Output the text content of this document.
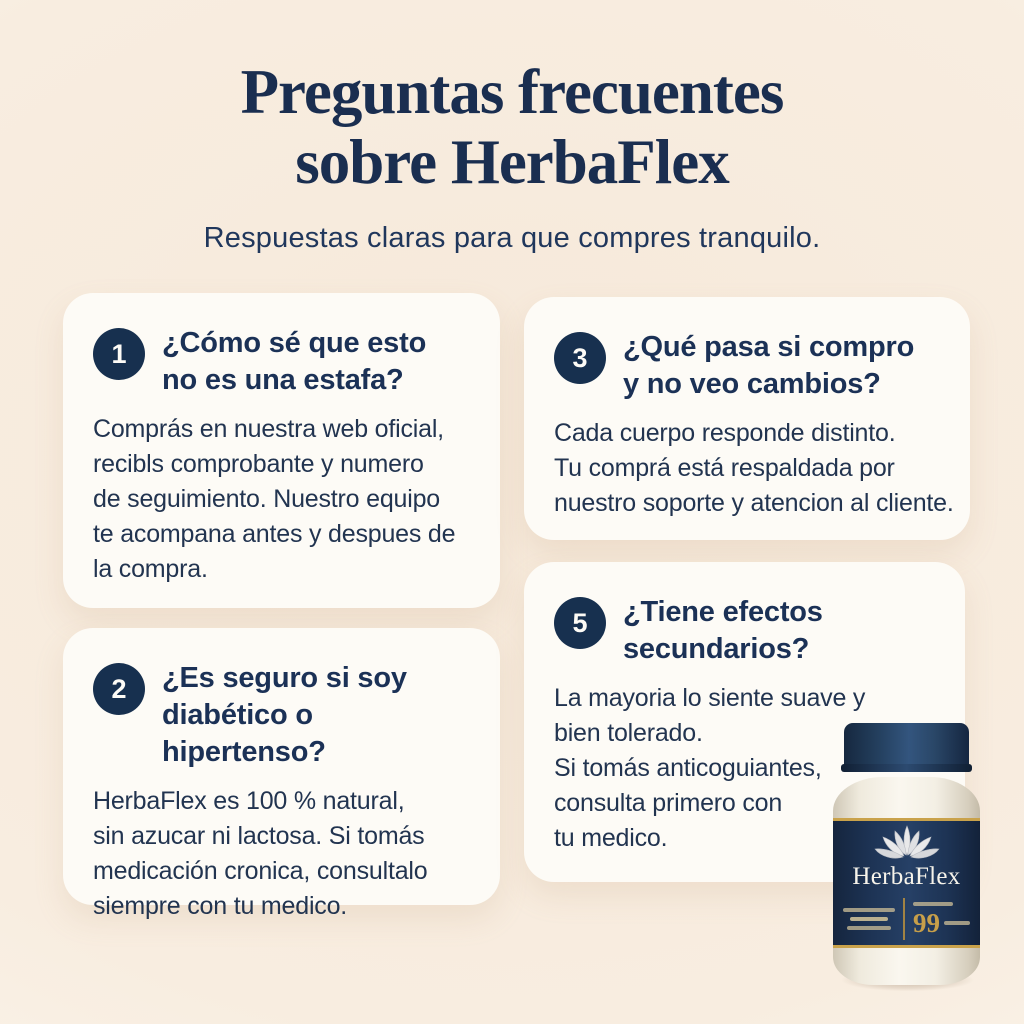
Preguntas frecuentes
sobre HerbaFlex

Respuestas claras para que compres tranquilo.

1	¿Cómo sé que esto
no es una estafa?
Comprás en nuestra web oficial,
recibls comprobante y numero
de seguimiento. Nuestro equipo
te acompana antes y despues de
la compra.
3	¿Qué pasa si compro
y no veo cambios?
Cada cuerpo responde distinto.
Tu comprá está respaldada por
nuestro soporte y atencion al cliente.
2	¿Es seguro si soy
diabético o hipertenso?
HerbaFlex es 100 % natural,
sin azucar ni lactosa. Si tomás
medicación cronica, consultalo
siempre con tu medico.
5	¿Tiene efectos
secundarios?
La mayoria lo siente suave y
bien tolerado.
Si tomás anticoguiantes,
consulta primero con
tu medico.
HerbaFlex
99
